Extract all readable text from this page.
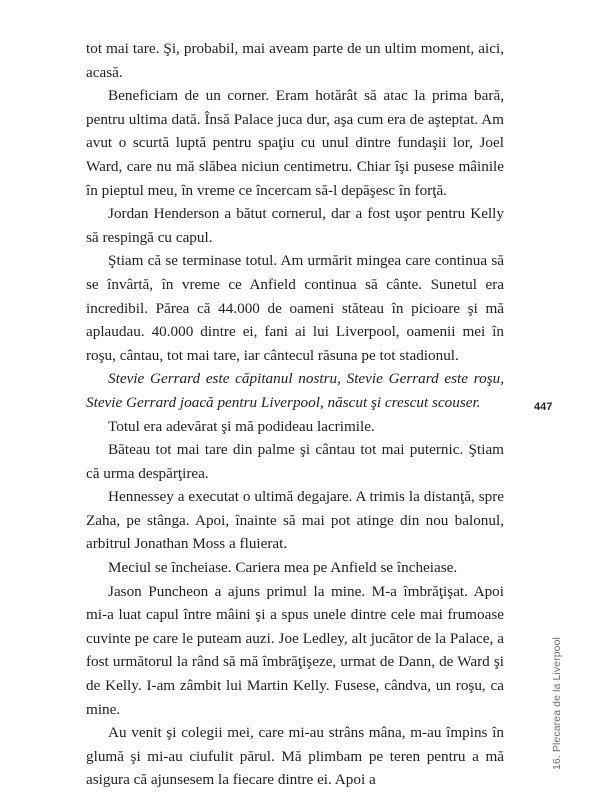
tot mai tare. Şi, probabil, mai aveam parte de un ultim moment, aici, acasă.

Beneficiam de un corner. Eram hotărât să atac la prima bară, pentru ultima dată. Însă Palace juca dur, aşa cum era de aşteptat. Am avut o scurtă luptă pentru spaţiu cu unul dintre fundaşii lor, Joel Ward, care nu mă slăbea niciun centimetru. Chiar îşi pusese mâinile în pieptul meu, în vreme ce încercam să-l depăşesc în forţă.

Jordan Henderson a bătut cornerul, dar a fost uşor pentru Kelly să respingă cu capul.

Ştiam că se terminase totul. Am urmărit mingea care continua să se învârtă, în vreme ce Anfield continua să cânte. Sunetul era incredibil. Părea că 44.000 de oameni stăteau în picioare şi mă aplaudau. 40.000 dintre ei, fani ai lui Liverpool, oamenii mei în roşu, cântau, tot mai tare, iar cântecul răsuna pe tot stadionul.

Stevie Gerrard este căpitanul nostru, Stevie Gerrard este roşu, Stevie Gerrard joacă pentru Liverpool, născut şi crescut scouser.

Totul era adevărat şi mă podideau lacrimile.

Băteau tot mai tare din palme şi cântau tot mai puternic. Ştiam că urma despărţirea.

Hennessey a executat o ultimă degajare. A trimis la distanţă, spre Zaha, pe stânga. Apoi, înainte să mai pot atinge din nou balonul, arbitrul Jonathan Moss a fluierat.

Meciul se încheiase. Cariera mea pe Anfield se încheiase.

Jason Puncheon a ajuns primul la mine. M-a îmbrăţişat. Apoi mi-a luat capul între mâini şi a spus unele dintre cele mai frumoase cuvinte pe care le puteam auzi. Joe Ledley, alt jucător de la Palace, a fost următorul la rând să mă îmbrăţişeze, urmat de Dann, de Ward şi de Kelly. I-am zâmbit lui Martin Kelly. Fusese, cândva, un roşu, ca mine.

Au venit şi colegii mei, care mi-au strâns mâna, m-au împins în glumă şi mi-au ciufulit părul. Mă plimbam pe teren pentru a mă asigura că ajunsesem la fiecare dintre ei. Apoi a

447
16. Plecarea de la Liverpool
